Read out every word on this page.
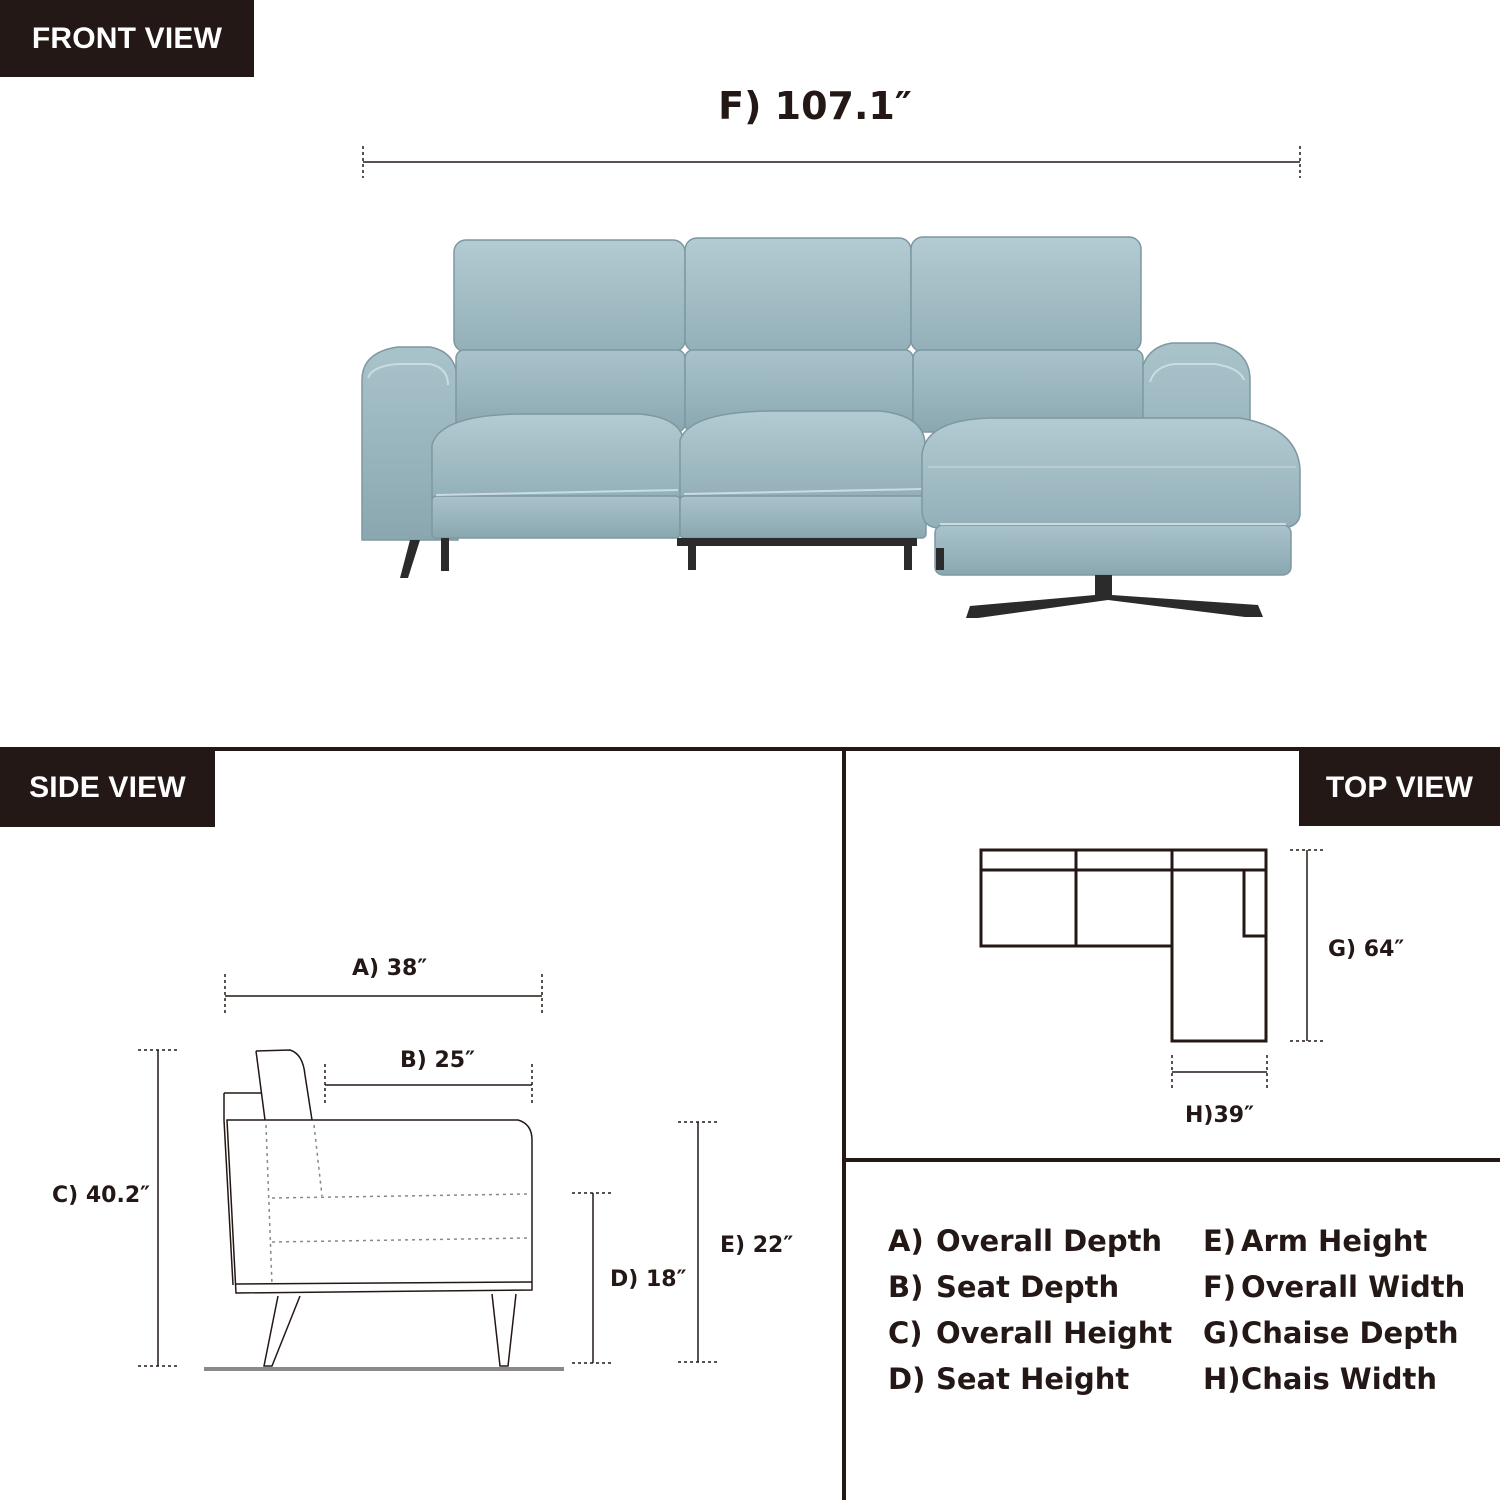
FRONT VIEW
F) 107.1″
SIDE VIEW
A) 38″
B) 25″
C) 40.2″
D) 18″
E) 22″
TOP VIEW
G) 64″
H)39″
A) Overall Depth
B) Seat Depth
C) Overall Height
D) Seat Height
E) Arm Height
F) Overall Width
G) Chaise Depth
H) Chais Width
